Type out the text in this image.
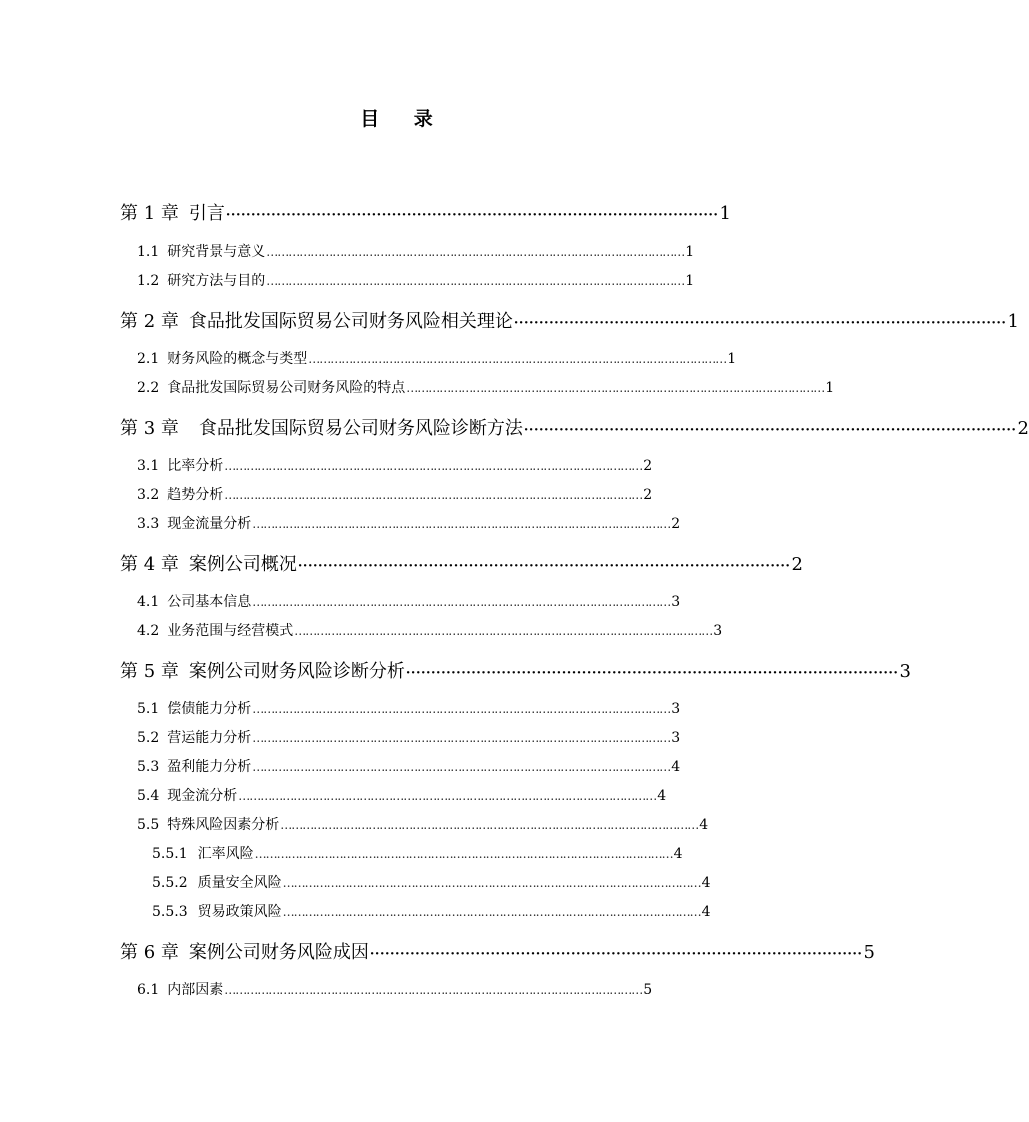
目 录
第 1 章 引言 ·································································································· 1
1.1 研究背景与意义 …………………………………………………………………………………………………… 1
1.2 研究方法与目的 …………………………………………………………………………………………………… 1
第 2 章 食品批发国际贸易公司财务风险相关理论 ·································································································· 1
2.1 财务风险的概念与类型 …………………………………………………………………………………………………… 1
2.2 食品批发国际贸易公司财务风险的特点 …………………………………………………………………………………………………… 1
第 3 章 食品批发国际贸易公司财务风险诊断方法 ·································································································· 2
3.1 比率分析 …………………………………………………………………………………………………… 2
3.2 趋势分析 …………………………………………………………………………………………………… 2
3.3 现金流量分析 …………………………………………………………………………………………………… 2
第 4 章 案例公司概况 ·································································································· 2
4.1 公司基本信息 …………………………………………………………………………………………………… 3
4.2 业务范围与经营模式 …………………………………………………………………………………………………… 3
第 5 章 案例公司财务风险诊断分析 ·································································································· 3
5.1 偿债能力分析 …………………………………………………………………………………………………… 3
5.2 营运能力分析 …………………………………………………………………………………………………… 3
5.3 盈利能力分析 …………………………………………………………………………………………………… 4
5.4 现金流分析 …………………………………………………………………………………………………… 4
5.5 特殊风险因素分析 …………………………………………………………………………………………………… 4
5.5.1 汇率风险 …………………………………………………………………………………………………… 4
5.5.2 质量安全风险 …………………………………………………………………………………………………… 4
5.5.3 贸易政策风险 …………………………………………………………………………………………………… 4
第 6 章 案例公司财务风险成因 ·································································································· 5
6.1 内部因素 …………………………………………………………………………………………………… 5
